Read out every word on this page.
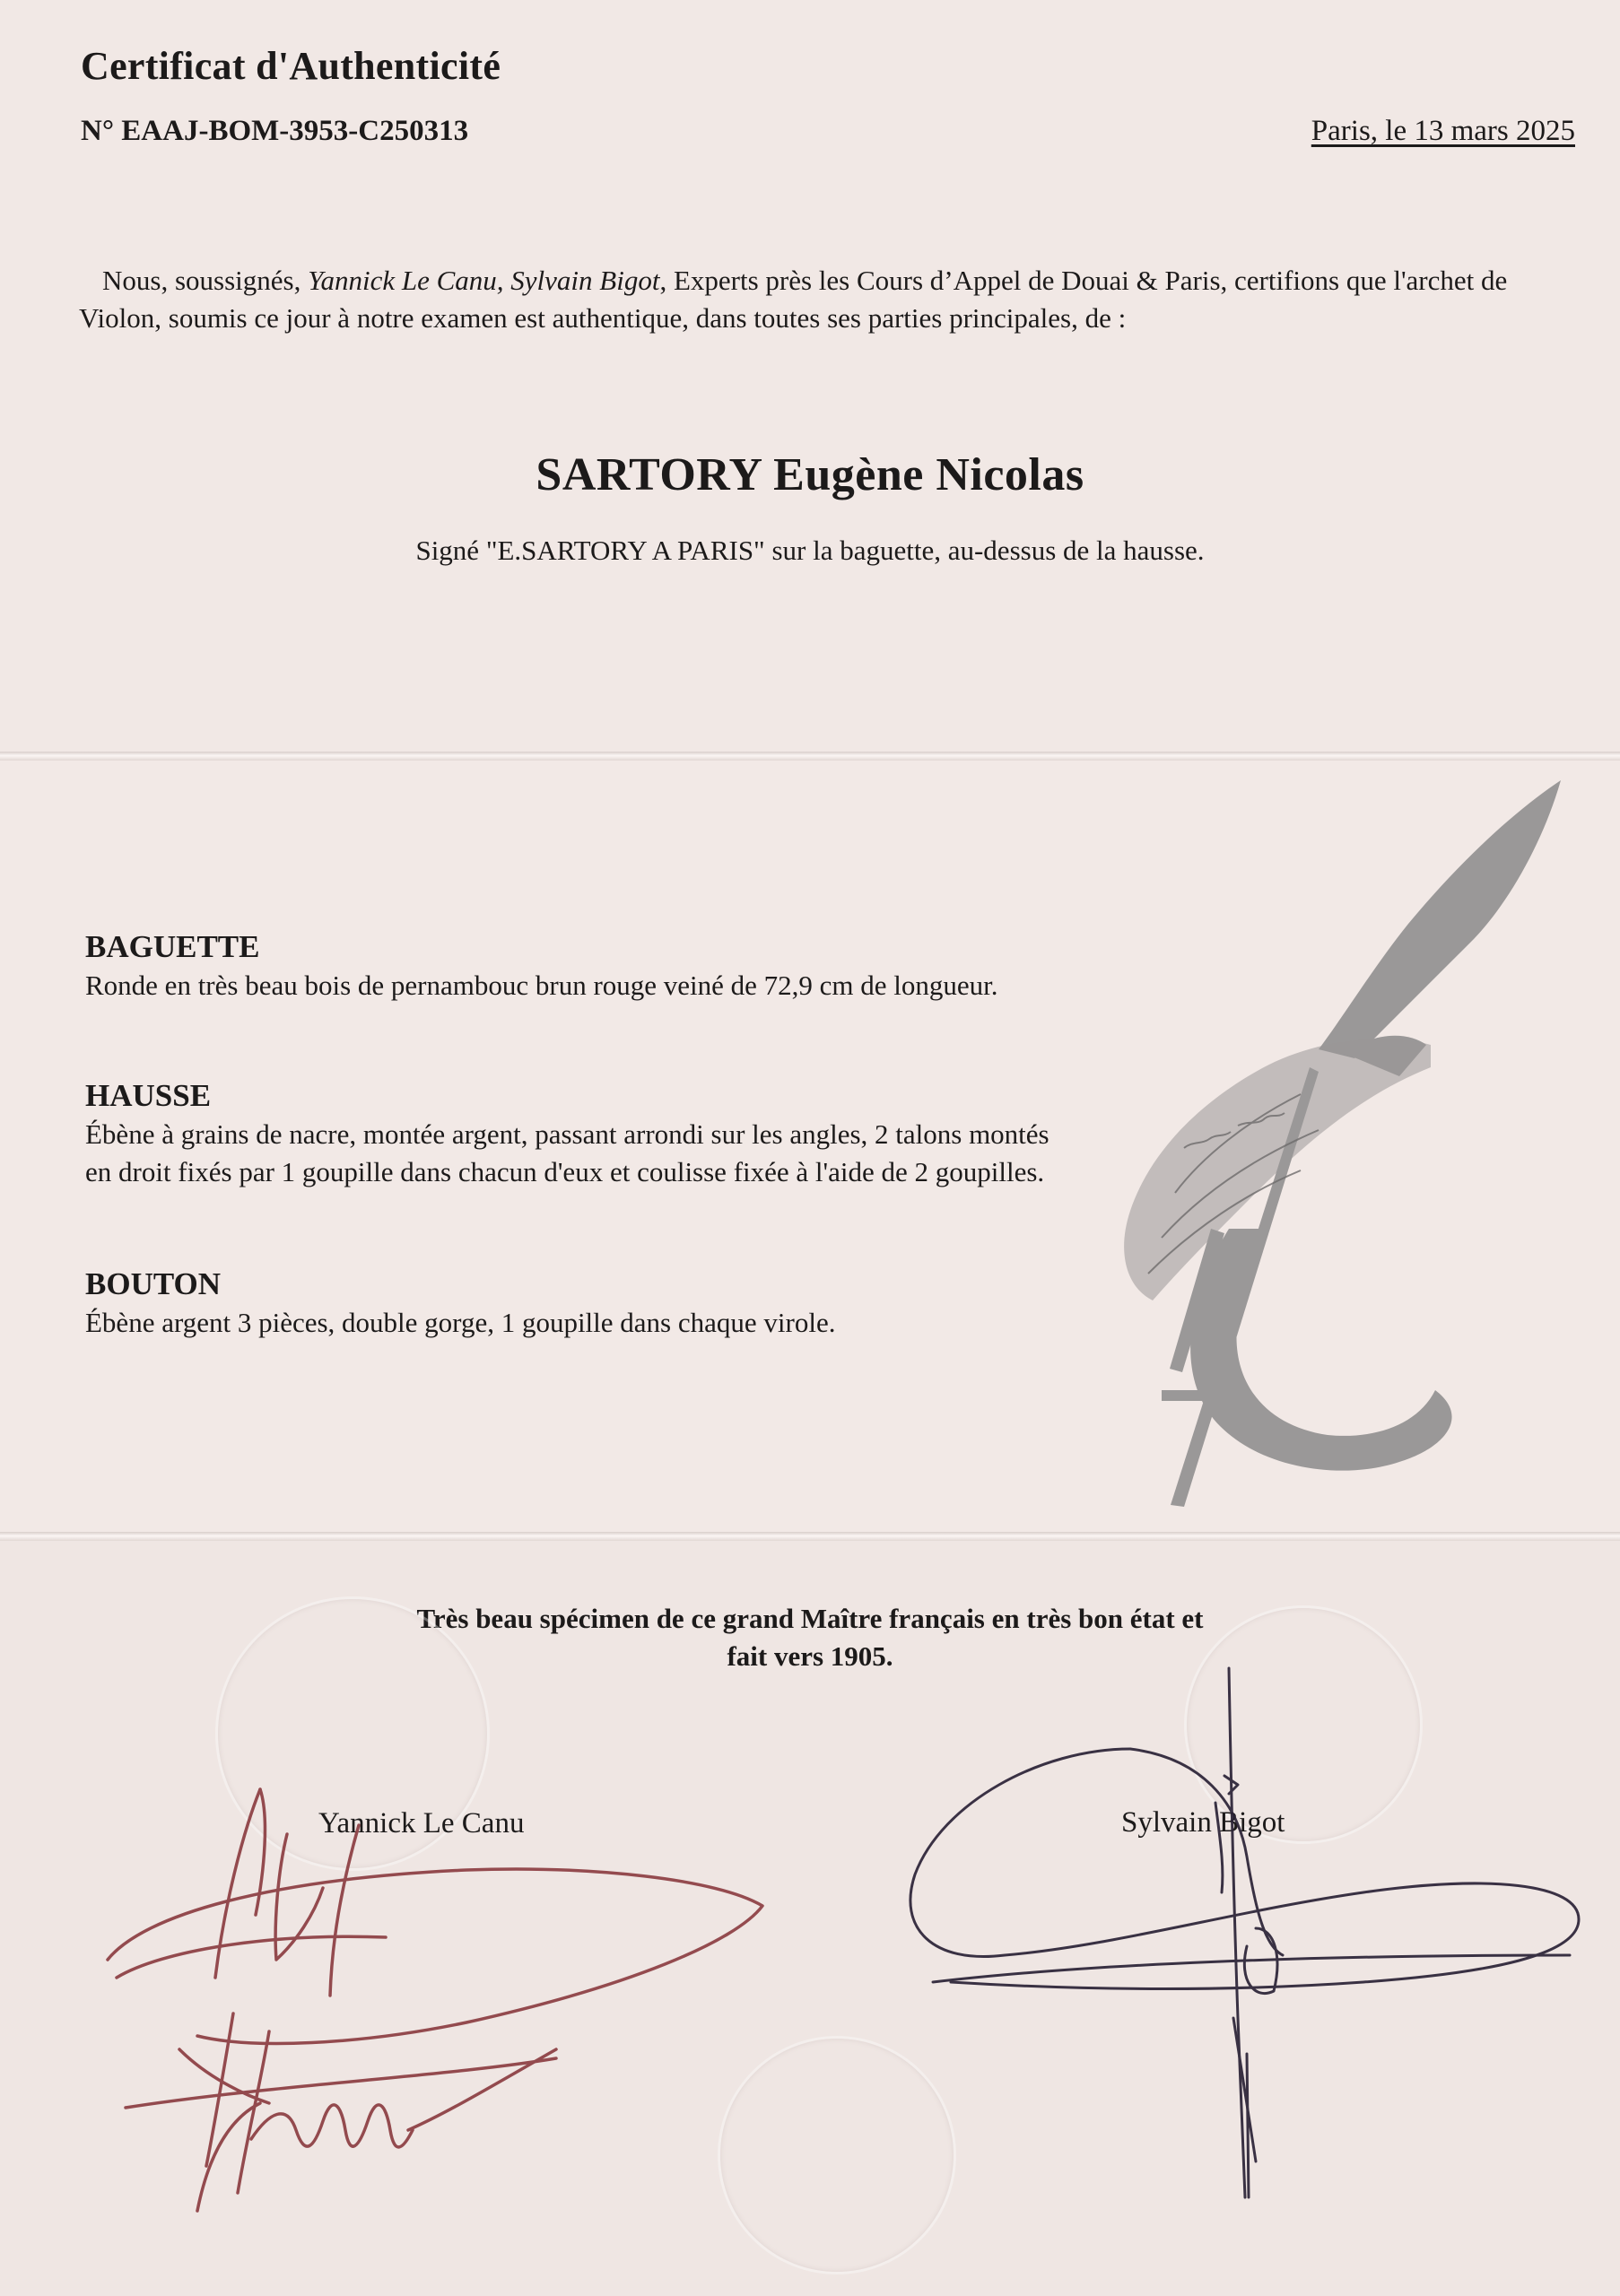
Certificat d'Authenticité
N° EAAJ-BOM-3953-C250313	Paris, le 13 mars 2025
Nous, soussignés, Yannick Le Canu, Sylvain Bigot, Experts près les Cours d’Appel de Douai & Paris, certifions que l'archet de Violon, soumis ce jour à notre examen est authentique, dans toutes ses parties principales, de :
SARTORY Eugène Nicolas
Signé "E.SARTORY A PARIS" sur la baguette, au-dessus de la hausse.
BAGUETTE
Ronde en très beau bois de pernambouc brun rouge veiné de 72,9 cm de longueur.
HAUSSE
Ébène à grains de nacre, montée argent, passant arrondi sur les angles, 2 talons montés en droit fixés par 1 goupille dans chacun d'eux et coulisse fixée à l'aide de 2 goupilles.
BOUTON
Ébène argent 3 pièces, double gorge, 1 goupille dans chaque virole.
Très beau spécimen de ce grand Maître français en très bon état et
fait vers 1905.
Yannick Le Canu	Sylvain Bigot
